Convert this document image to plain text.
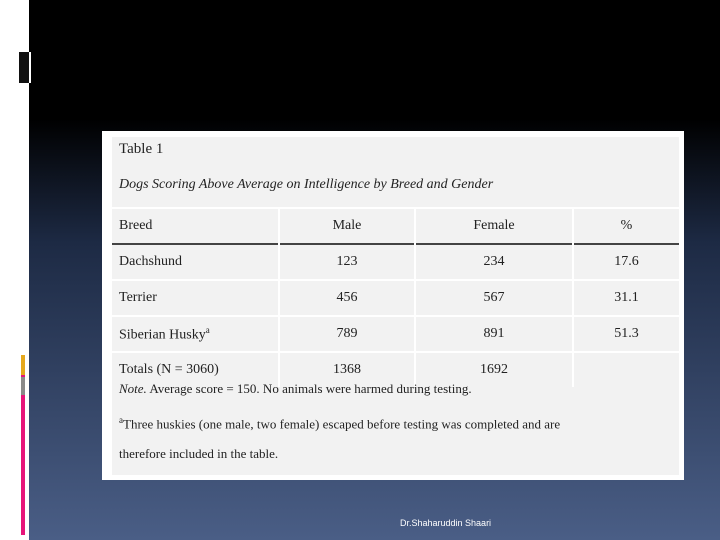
Table 1
Dogs Scoring Above Average on Intelligence by Breed and Gender
Breed	Male	Female	%
Dachshund	123	234	17.6
Terrier	456	567	31.1
Siberian Husky$^a$	789	891	51.3
Totals (N = 3060)	1368	1692	
Note. Average score = 150. No animals were harmed during testing.
$^a$Three huskies (one male, two female) escaped before testing was completed and are
therefore included in the table.
Dr.Shaharuddin Shaari
